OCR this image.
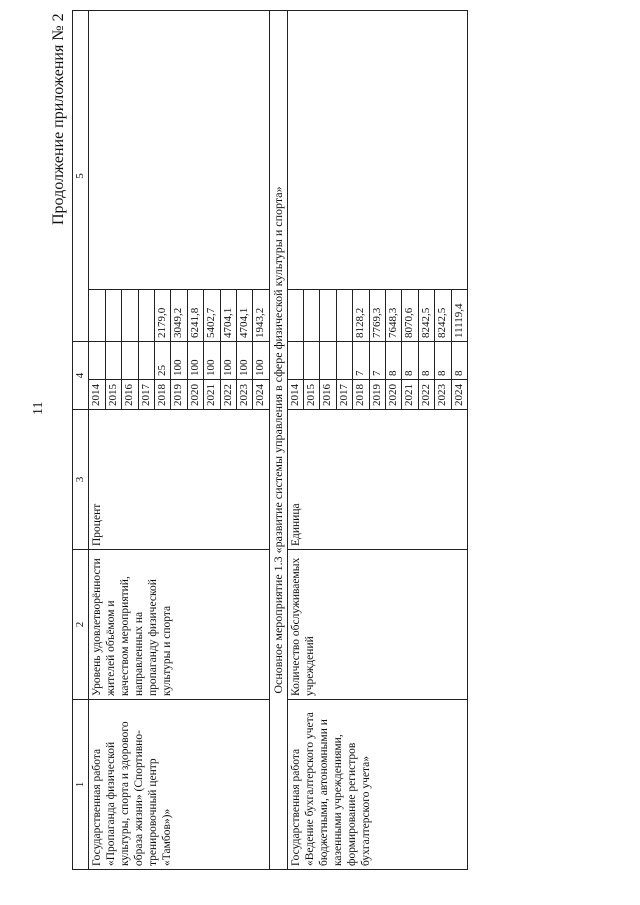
11
Продолжение приложения № 2
1	2	3	4		5	
Государственная работа «Пропаганда физической культуры, спорта и здорового образа жизни» (Спортивно-тренировочный центр «Тамбов»)»	Уровень удовлетворённости жителей объёмом и качеством мероприятий, направленных на пропаганду физической культуры и спорта	Процент	2014			
			2015			
			2016			
			2017			
			2018	25	2179,0	
			2019	100	3049,2	
			2020	100	6241,8	
			2021	100	5402,7	
			2022	100	4704,1	
			2023	100	4704,1	
			2024	100	1943,2	
Основное мероприятие 1.3 «развитие системы управления в сфере физической культуры и спорта»						
Государственная работа «Ведение бухгалтерского учета бюджетными, автономными и казенными учреждениями, формирование регистров бухгалтерского учета»	Количество обслуживаемых учреждений	Единица	2014			
			2015			
			2016			
			2017			
			2018	7	8128,2	
			2019	7	7769,3	
			2020	8	7648,3	
			2021	8	8070,6	
			2022	8	8242,5	
			2023	8	8242,5	
			2024	8	11119,4	
